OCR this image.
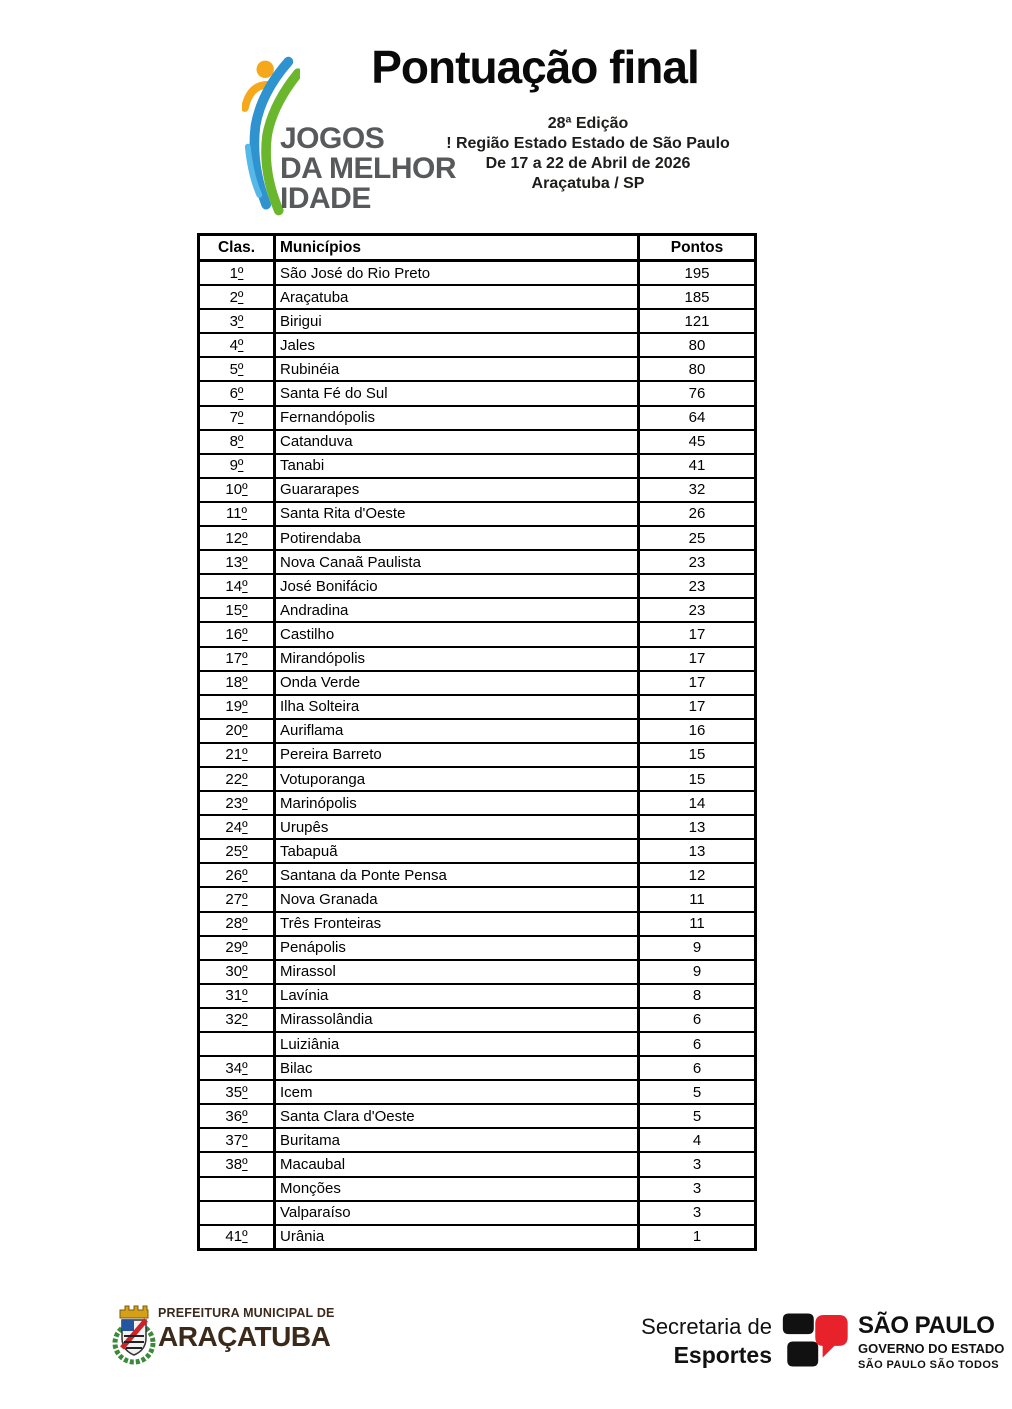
JOGOS
DA MELHOR
IDADE
Pontuação final
28ª Edição
! Região Estado Estado de São Paulo
De 17 a 22 de Abril de 2026
Araçatuba / SP
Clas.	Municípios	Pontos
1º	São José do Rio Preto	195
2º	Araçatuba	185
3º	Birigui	121
4º	Jales	80
5º	Rubinéia	80
6º	Santa Fé do Sul	76
7º	Fernandópolis	64
8º	Catanduva	45
9º	Tanabi	41
10º	Guararapes	32
11º	Santa Rita d'Oeste	26
12º	Potirendaba	25
13º	Nova Canaã Paulista	23
14º	José Bonifácio	23
15º	Andradina	23
16º	Castilho	17
17º	Mirandópolis	17
18º	Onda Verde	17
19º	Ilha Solteira	17
20º	Auriflama	16
21º	Pereira Barreto	15
22º	Votuporanga	15
23º	Marinópolis	14
24º	Urupês	13
25º	Tabapuã	13
26º	Santana da Ponte Pensa	12
27º	Nova Granada	11
28º	Três Fronteiras	11
29º	Penápolis	9
30º	Mirassol	9
31º	Lavínia	8
32º	Mirassolândia	6
	Luiziânia	6
34º	Bilac	6
35º	Icem	5
36º	Santa Clara d'Oeste	5
37º	Buritama	4
38º	Macaubal	3
	Monções	3
	Valparaíso	3
41º	Urânia	1
PREFEITURA MUNICIPAL DE
ARAÇATUBA	Secretaria de
Esportes
SÃO PAULO
GOVERNO DO ESTADO
SÃO PAULO SÃO TODOS
